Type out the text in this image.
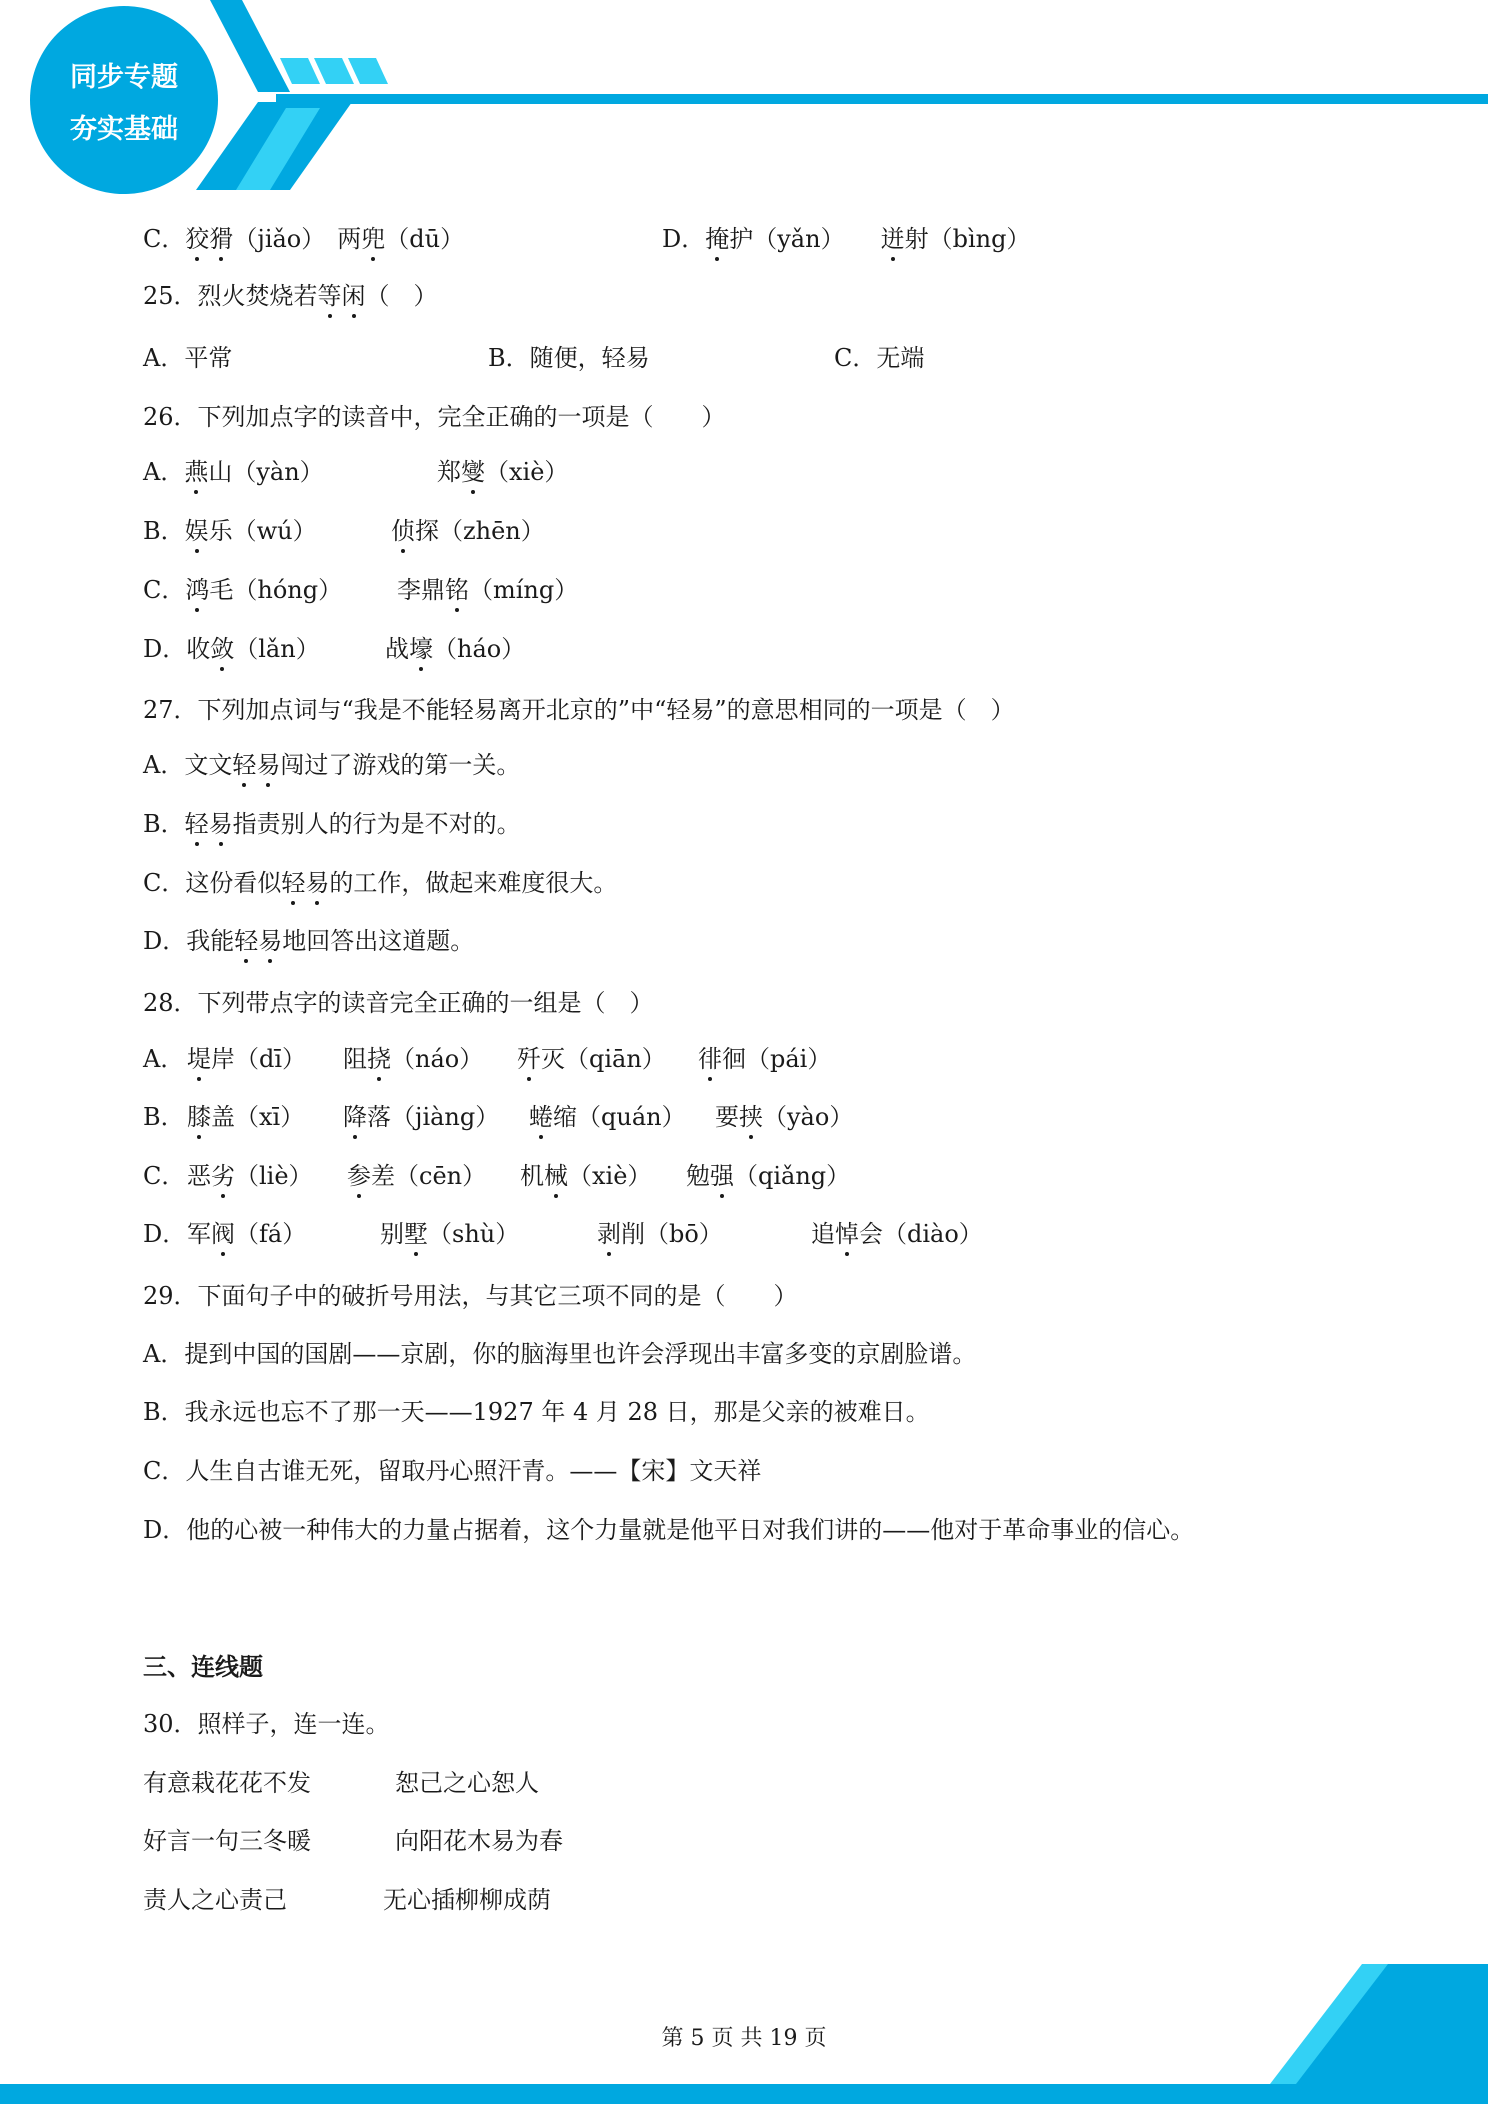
同步专题
夯实基础
C．狡猾（jiǎo）　 两兜（dū）	D．掩护（yǎn）　　 迸射（bìng）
25．烈火焚烧若等闲（　）
A．平常	B．随便，轻易	C．无端
26．下列加点字的读音中，完全正确的一项是（　　）
A．燕山（yàn）	郑燮（xiè）
B．娱乐（wú）	侦探（zhēn）
C．鸿毛（hóng） 李鼎铭（míng）
D．收敛（lǎn）	战壕（háo）
27．下列加点词与“我是不能轻易离开北京的”中“轻易”的意思相同的一项是（　）
A．文文轻易闯过了游戏的第一关。
B．轻易指责别人的行为是不对的。
C．这份看似轻易的工作，做起来难度很大。
D．我能轻易地回答出这道题。
28．下列带点字的读音完全正确的一组是（　）
A． 堤岸（dī） 阻挠（náo） 歼灭（qiān） 徘徊（pái）
B． 膝盖（xī） 降落（jiàng） 蜷缩（quán） 要挟（yào）
C． 恶劣（liè） 参差（cēn） 机械（xiè） 勉强（qiǎng）
D． 军阀（fá）	别墅（shù）	剥削（bō）	追悼会（diào）
29．下面句子中的破折号用法，与其它三项不同的是（　　）
A．提到中国的国剧——京剧，你的脑海里也许会浮现出丰富多变的京剧脸谱。
B．我永远也忘不了那一天——1927 年 4 月 28 日，那是父亲的被难日。
C．人生自古谁无死，留取丹心照汗青。——【宋】文天祥
D．他的心被一种伟大的力量占据着，这个力量就是他平日对我们讲的——他对于革命事业的信心。
三、连线题
30．照样子，连一连。
有意栽花花不发	恕己之心恕人
好言一句三冬暖	向阳花木易为春
责人之心责己	无心插柳柳成荫
第 5 页 共 19 页
